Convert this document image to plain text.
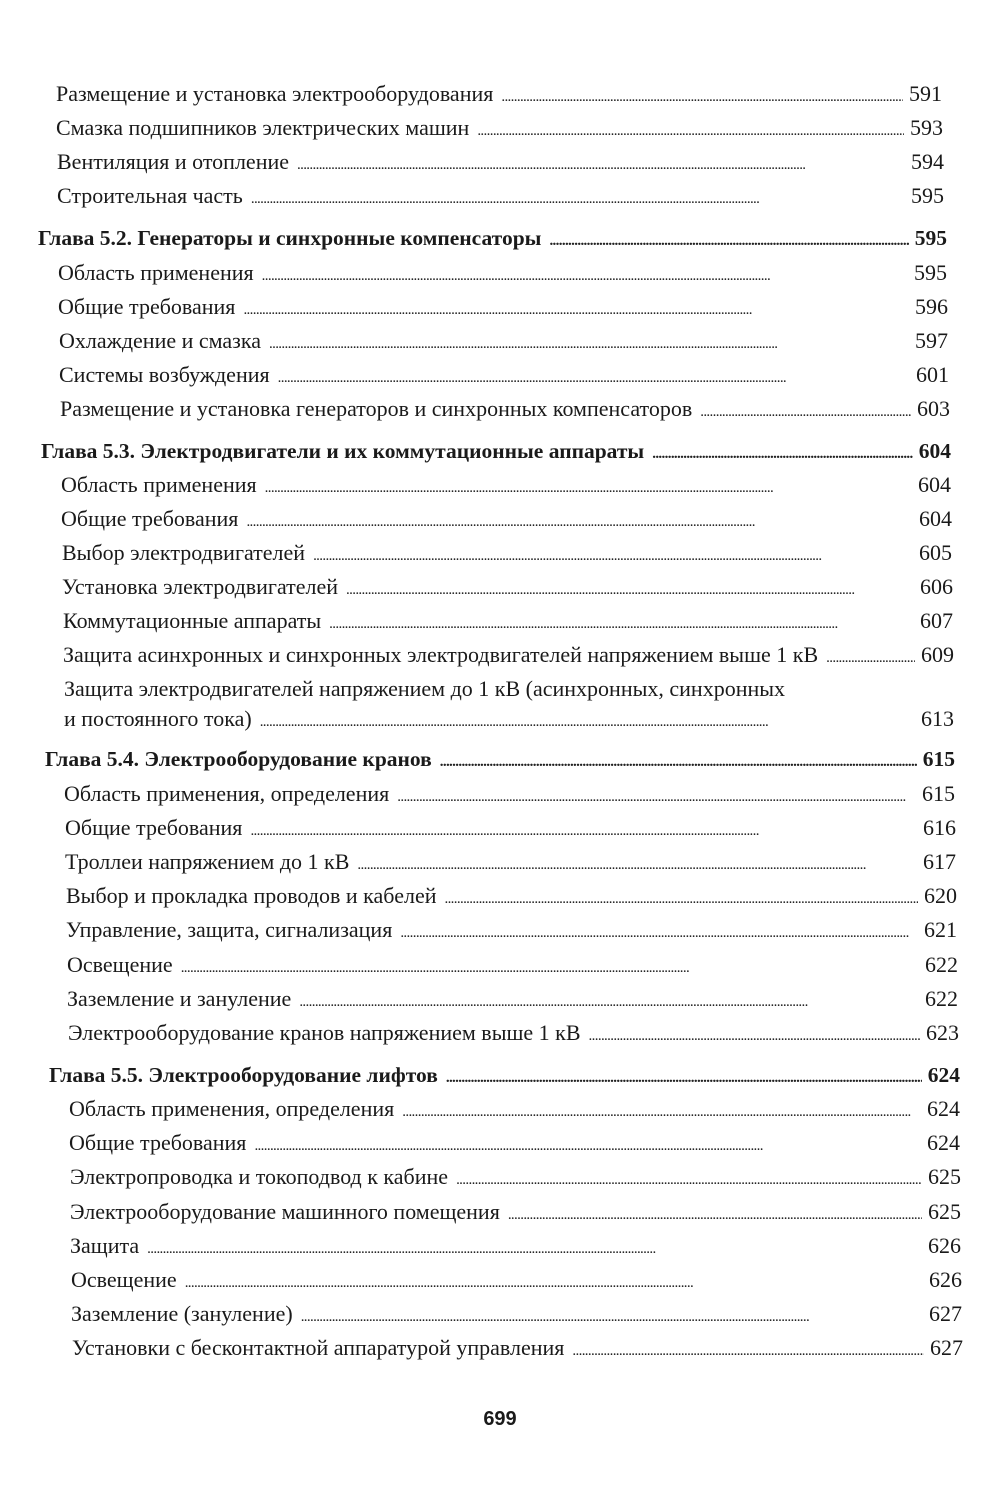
Размещение и установка электрооборудования . . .	591
Смазка подшипников электрических машин . . .	593
Вентиляция и отопление . . .	594
Строительная часть . . .	595
Глава 5.2. Генераторы и синхронные компенсаторы . . .	595
Область применения . . .	595
Общие требования . . .	596
Охлаждение и смазка . . .	597
Системы возбуждения . . .	601
Размещение и установка генераторов и синхронных компенсаторов . . .	603
Глава 5.3. Электродвигатели и их коммутационные аппараты . . .	604
Область применения . . .	604
Общие требования . . .	604
Выбор электродвигателей . . .	605
Установка электродвигателей . . .	606
Коммутационные аппараты . . .	607
Защита асинхронных и синхронных электродвигателей напряжением выше 1 кВ . . .	609
Защита электродвигателей напряжением до 1 кВ (асинхронных, синхронных
и постоянного тока) . . .	613
Глава 5.4. Электрооборудование кранов . . .	615
Область применения, определения . . .	615
Общие требования . . .	616
Троллеи напряжением до 1 кВ . . .	617
Выбор и прокладка проводов и кабелей . . .	620
Управление, защита, сигнализация . . .	621
Освещение . . .	622
Заземление и зануление . . .	622
Электрооборудование кранов напряжением выше 1 кВ . . .	623
Глава 5.5. Электрооборудование лифтов . . .	624
Область применения, определения . . .	624
Общие требования . . .	624
Электропроводка и токоподвод к кабине . . .	625
Электрооборудование машинного помещения . . .	625
Защита . . .	626
Освещение . . .	626
Заземление (зануление) . . .	627
Установки с бесконтактной аппаратурой управления . . .	627
699
